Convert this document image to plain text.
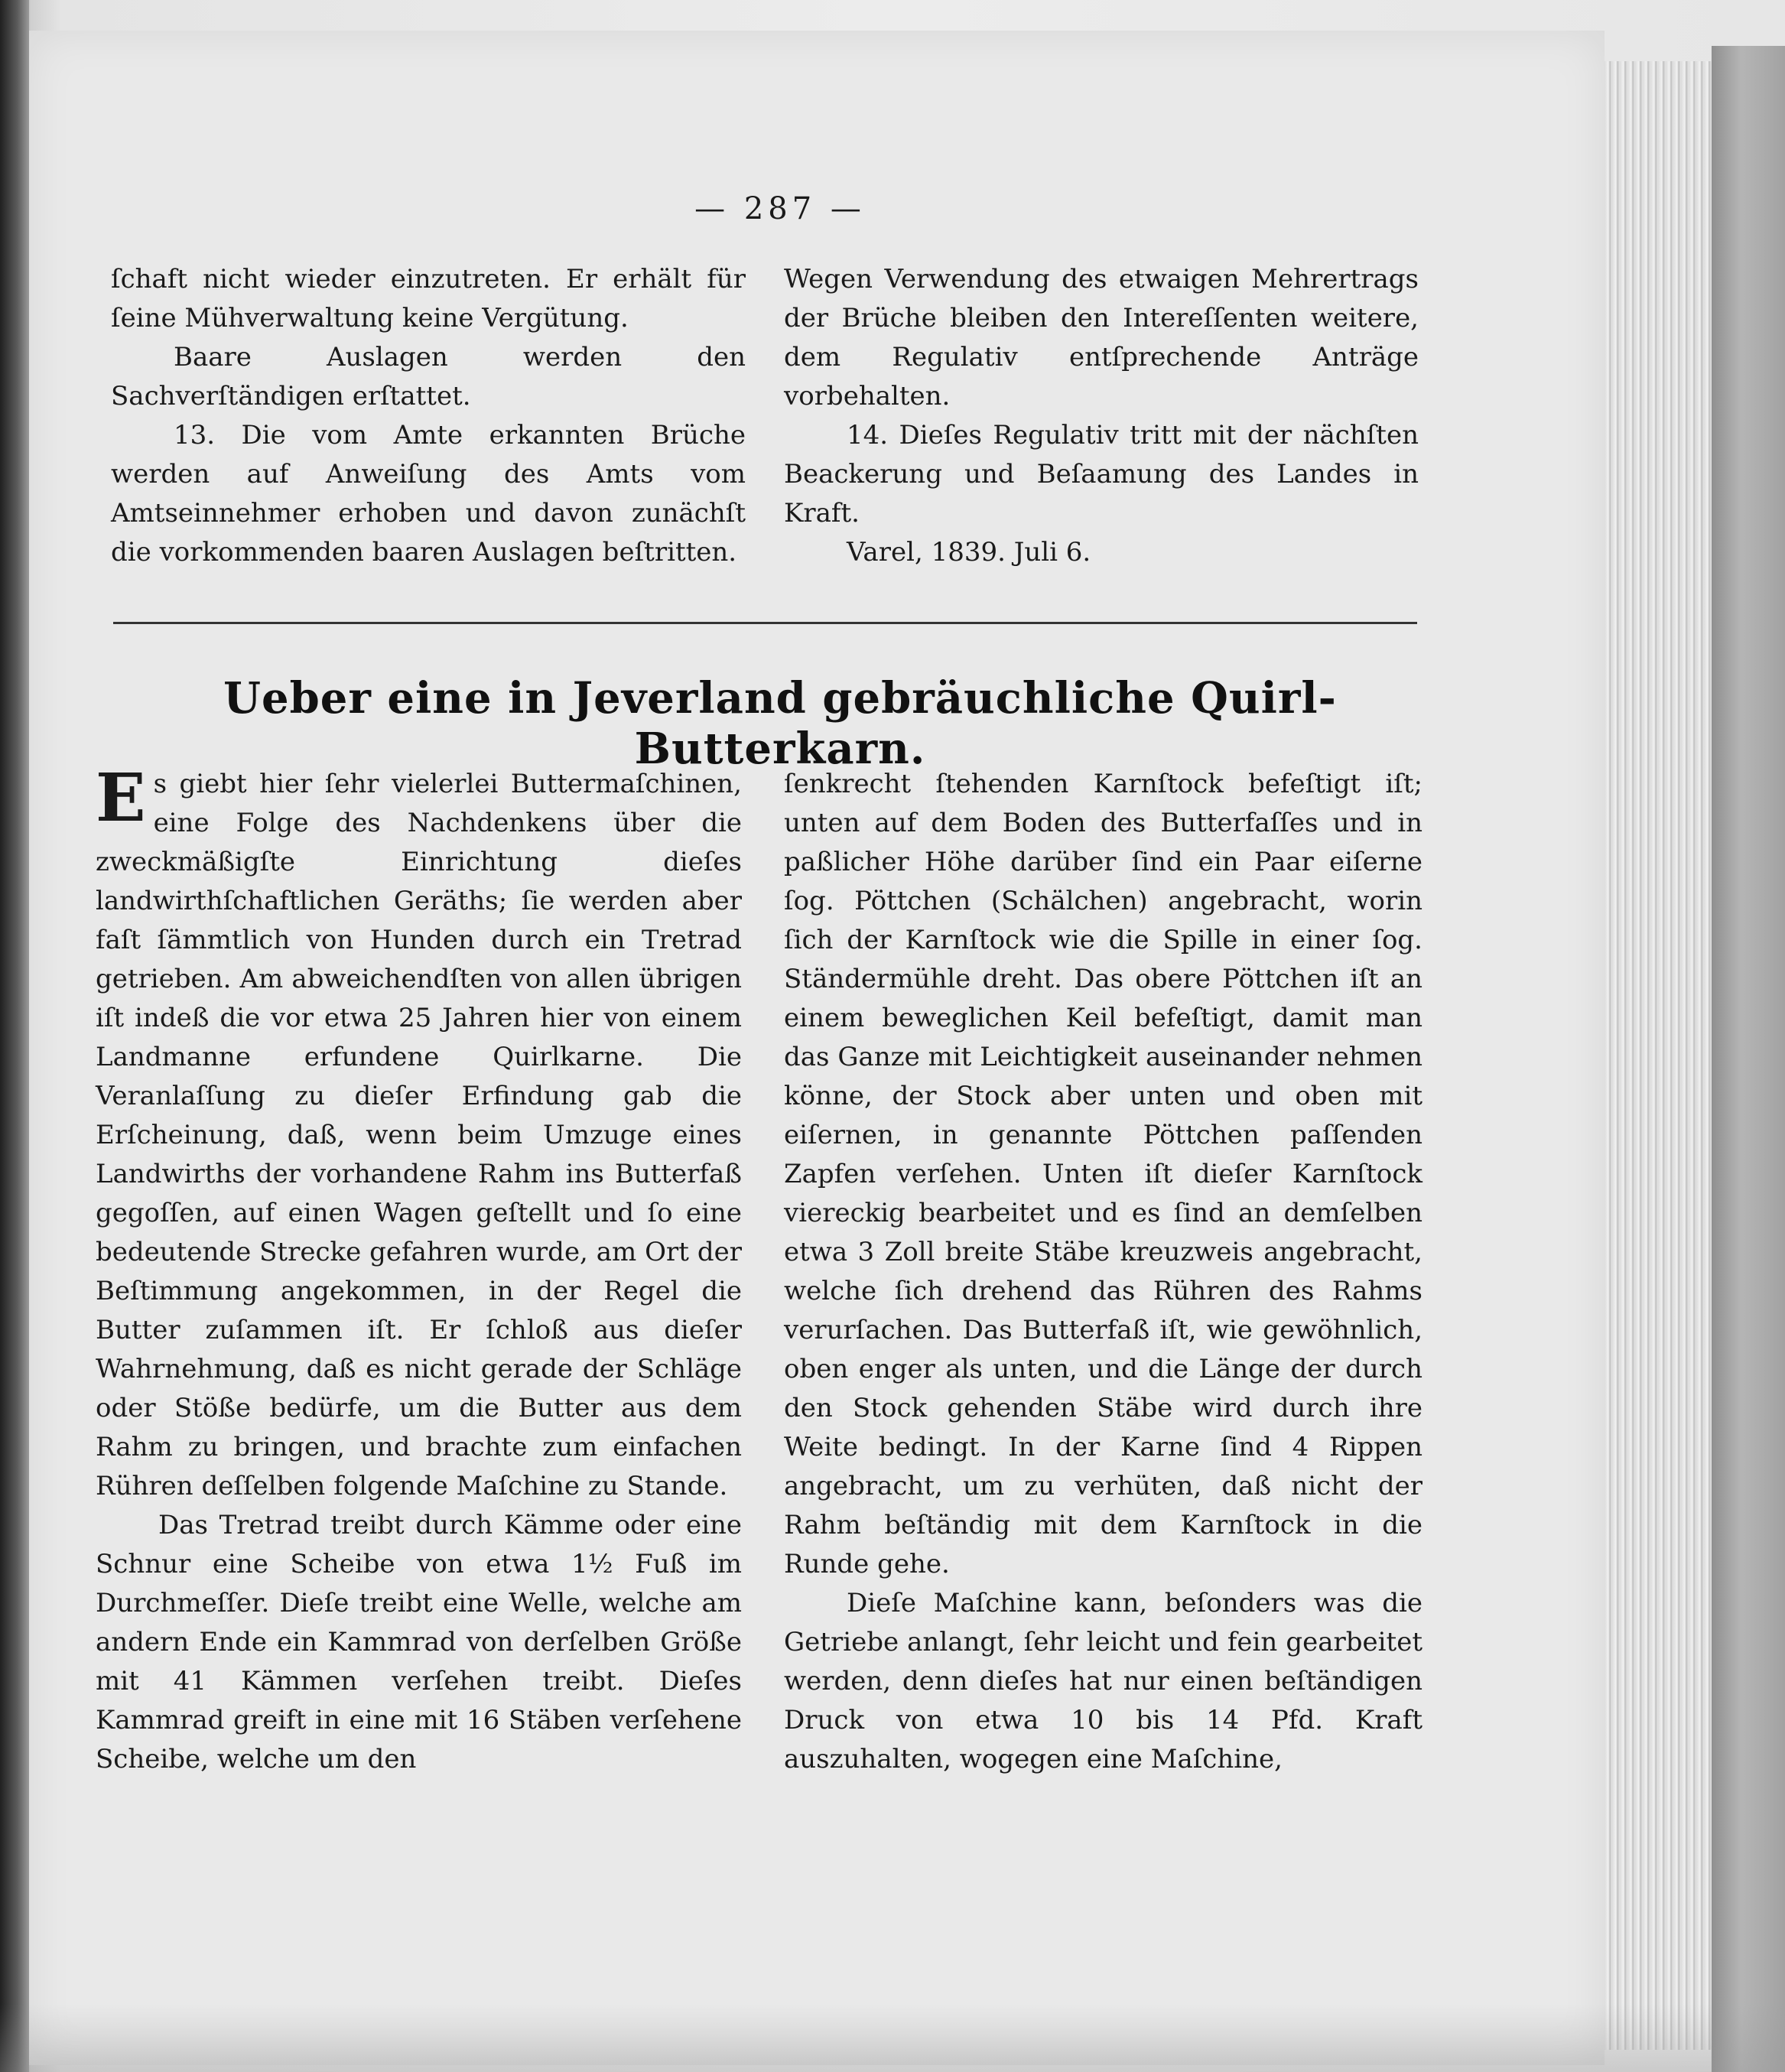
— 287 —

ſchaft nicht wieder einzutreten. Er erhält für ſeine Mühverwaltung keine Vergütung.

Baare Auslagen werden den Sachverſtändigen erſtattet.

13. Die vom Amte erkannten Brüche werden auf Anweiſung des Amts vom Amtseinnehmer erhoben und davon zunächſt die vorkommenden baaren Auslagen beſtritten.

Wegen Verwendung des etwaigen Mehrertrags der Brüche bleiben den Intereſſenten weitere, dem Regulativ entſprechende Anträge vorbehalten.

14. Dieſes Regulativ tritt mit der nächſten Beackerung und Beſaamung des Landes in Kraft.

Varel, 1839. Juli 6.

Ueber eine in Jeverland gebräuchliche Quirl-Butterkarn.

Es giebt hier ſehr vielerlei Buttermaſchinen, eine Folge des Nachdenkens über die zweckmäßigſte Einrichtung dieſes landwirthſchaftlichen Geräths; ſie werden aber faſt ſämmtlich von Hunden durch ein Tretrad getrieben. Am abweichendſten von allen übrigen iſt indeß die vor etwa 25 Jahren hier von einem Landmanne erfundene Quirlkarne. Die Veranlaſſung zu dieſer Erfindung gab die Erſcheinung, daß, wenn beim Umzuge eines Landwirths der vorhandene Rahm ins Butterfaß gegoſſen, auf einen Wagen geſtellt und ſo eine bedeutende Strecke gefahren wurde, am Ort der Beſtimmung angekommen, in der Regel die Butter zuſammen iſt. Er ſchloß aus dieſer Wahrnehmung, daß es nicht gerade der Schläge oder Stöße bedürfe, um die Butter aus dem Rahm zu bringen, und brachte zum einfachen Rühren deſſelben folgende Maſchine zu Stande.

Das Tretrad treibt durch Kämme oder eine Schnur eine Scheibe von etwa 1½ Fuß im Durchmeſſer. Dieſe treibt eine Welle, welche am andern Ende ein Kammrad von derſelben Größe mit 41 Kämmen verſehen treibt. Dieſes Kammrad greift in eine mit 16 Stäben verſehene Scheibe, welche um den

ſenkrecht ſtehenden Karnſtock befeſtigt iſt; unten auf dem Boden des Butterfaſſes und in paßlicher Höhe darüber ſind ein Paar eiſerne ſog. Pöttchen (Schälchen) angebracht, worin ſich der Karnſtock wie die Spille in einer ſog. Ständermühle dreht. Das obere Pöttchen iſt an einem beweglichen Keil befeſtigt, damit man das Ganze mit Leichtigkeit auseinander nehmen könne, der Stock aber unten und oben mit eiſernen, in genannte Pöttchen paſſenden Zapfen verſehen. Unten iſt dieſer Karnſtock viereckig bearbeitet und es ſind an demſelben etwa 3 Zoll breite Stäbe kreuzweis angebracht, welche ſich drehend das Rühren des Rahms verurſachen. Das Butterfaß iſt, wie gewöhnlich, oben enger als unten, und die Länge der durch den Stock gehenden Stäbe wird durch ihre Weite bedingt. In der Karne ſind 4 Rippen angebracht, um zu verhüten, daß nicht der Rahm beſtändig mit dem Karnſtock in die Runde gehe.

Dieſe Maſchine kann, beſonders was die Getriebe anlangt, ſehr leicht und fein gearbeitet werden, denn dieſes hat nur einen beſtändigen Druck von etwa 10 bis 14 Pfd. Kraft auszuhalten, wogegen eine Maſchine,
